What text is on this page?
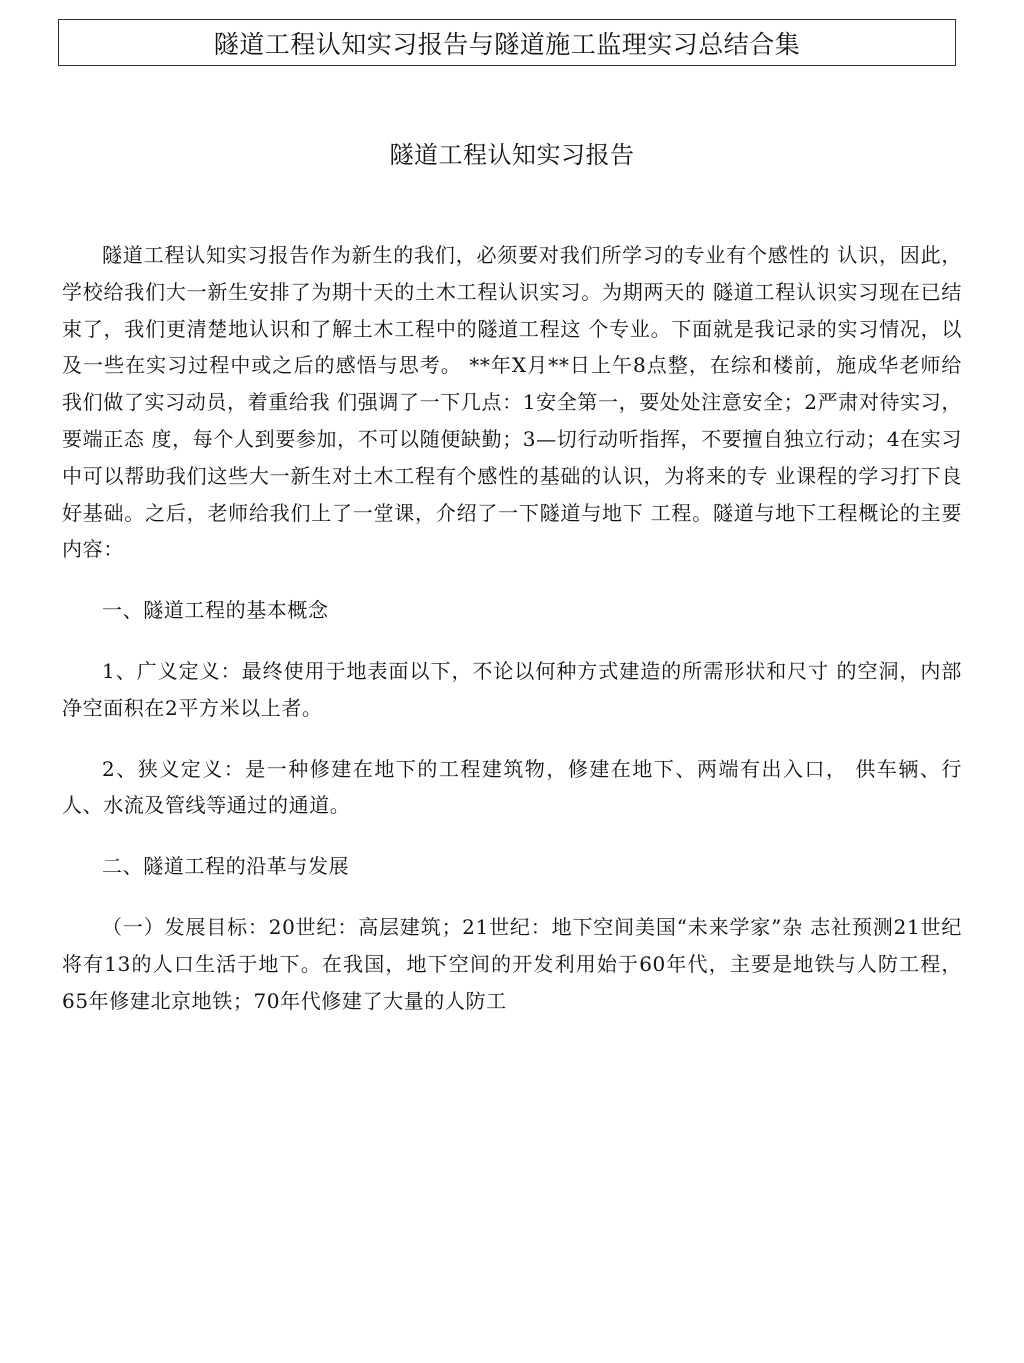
隧道工程认知实习报告与隧道施工监理实习总结合集
隧道工程认知实习报告

隧道工程认知实习报告作为新生的我们，必须要对我们所学习的专业有个感性的 认识，因此，学校给我们大一新生安排了为期十天的土木工程认识实习。为期两天的 隧道工程认识实习现在已结束了，我们更清楚地认识和了解土木工程中的隧道工程这 个专业。下面就是我记录的实习情况，以及一些在实习过程中或之后的感悟与思考。 **年X月**日上午8点整，在综和楼前，施成华老师给我们做了实习动员，着重给我 们强调了一下几点：1安全第一，要处处注意安全；2严肃对待实习，要端正态 度，每个人到要参加，不可以随便缺勤；3—切行动听指挥，不要擅自独立行动；4在实习中可以帮助我们这些大一新生对土木工程有个感性的基础的认识，为将来的专 业课程的学习打下良好基础。之后，老师给我们上了一堂课，介绍了一下隧道与地下 工程。隧道与地下工程概论的主要内容：

一、隧道工程的基本概念

1、广义定义：最终使用于地表面以下，不论以何种方式建造的所需形状和尺寸 的空洞，内部净空面积在2平方米以上者。

2、狭义定义：是一种修建在地下的工程建筑物，修建在地下、两端有出入口， 供车辆、行人、水流及管线等通过的通道。

二、隧道工程的沿革与发展

（一）发展目标：20世纪：高层建筑；21世纪：地下空间美国“未来学家”杂 志社预测21世纪将有13的人口生活于地下。在我国，地下空间的开发利用始于60年代，主要是地铁与人防工程，65年修建北京地铁；70年代修建了大量的人防工
